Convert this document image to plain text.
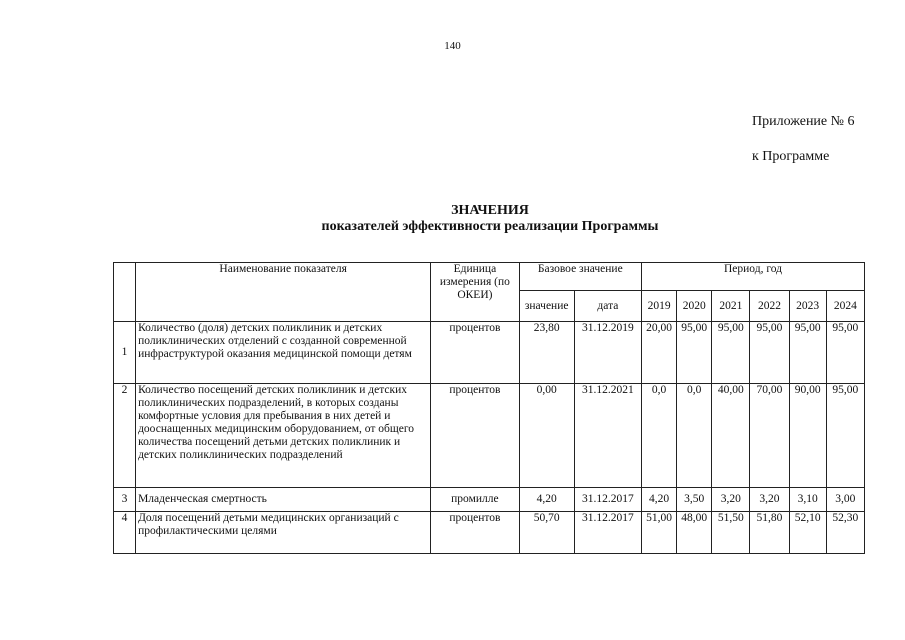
140
Приложение № 6
к Программе
ЗНАЧЕНИЯ
показателей эффективности реализации Программы
	Наименование показателя	Единица измерения (по ОКЕИ)	Базовое значение		Период, год					
			значение	дата	2019	2020	2021	2022	2023	2024
1	Количество (доля) детских поликлиник и детских поликлинических отделений с созданной современной инфраструктурой оказания медицинской помощи детям	процентов	23,80	31.12.2019	20,00	95,00	95,00	95,00	95,00	95,00
2	Количество посещений детских поликлиник и детских поликлинических подразделений, в которых созданы комфортные условия для пребывания в них детей и дооснащенных медицинским оборудованием, от общего количества посещений детьми детских поликлиник и детских поликлинических подразделений	процентов	0,00	31.12.2021	0,0	0,0	40,00	70,00	90,00	95,00
3	Младенческая смертность	промилле	4,20	31.12.2017	4,20	3,50	3,20	3,20	3,10	3,00
4	Доля посещений детьми медицинских организаций с профилактическими целями	процентов	50,70	31.12.2017	51,00	48,00	51,50	51,80	52,10	52,30
